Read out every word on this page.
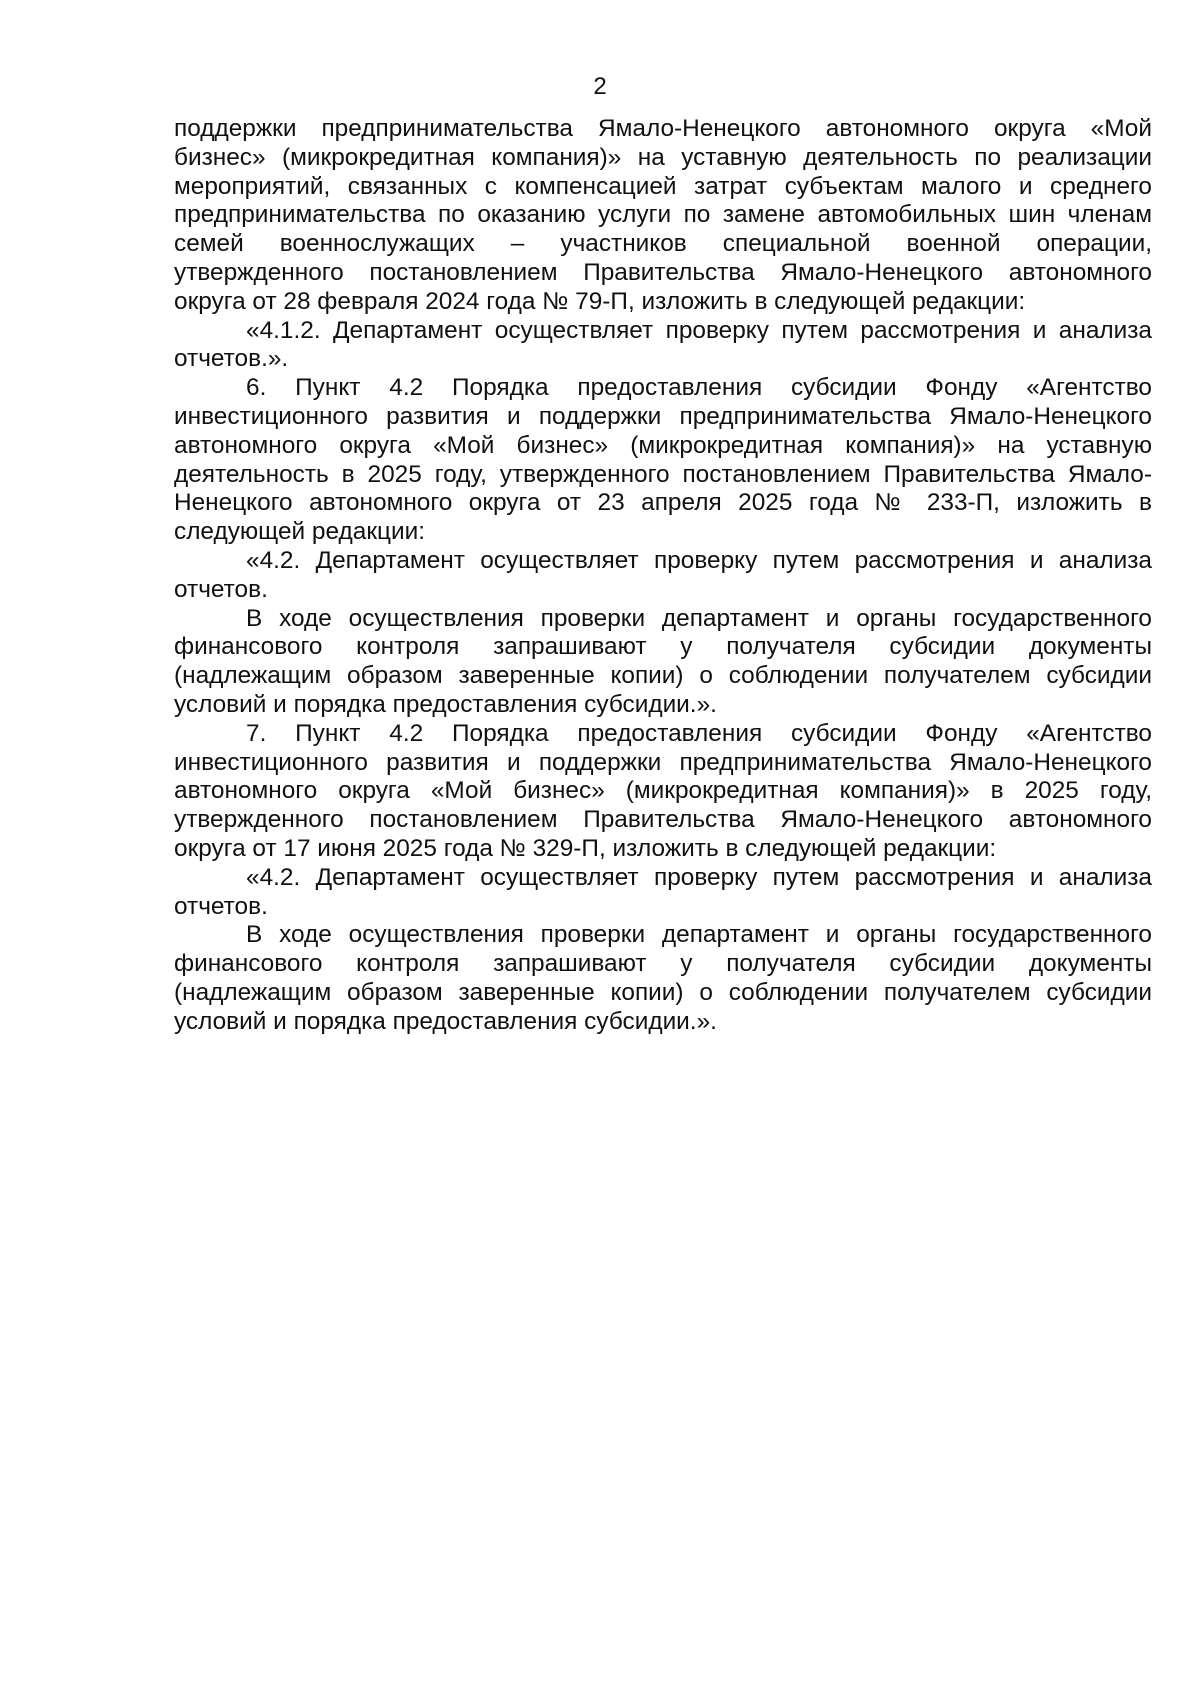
2

поддержки предпринимательства Ямало-Ненецкого автономного округа «Мой бизнес» (микрокредитная компания)» на уставную деятельность по реализации мероприятий, связанных с компенсацией затрат субъектам малого и среднего предпринимательства по оказанию услуги по замене автомобильных шин членам семей военнослужащих – участников специальной военной операции, утвержденного постановлением Правительства Ямало-Ненецкого автономного округа от 28 февраля 2024 года № 79-П, изложить в следующей редакции:

«4.1.2. Департамент осуществляет проверку путем рассмотрения и анализа отчетов.».

6. Пункт 4.2 Порядка предоставления субсидии Фонду «Агентство инвестиционного развития и поддержки предпринимательства Ямало-Ненецкого автономного округа «Мой бизнес» (микрокредитная компания)» на уставную деятельность в 2025 году, утвержденного постановлением Правительства Ямало-Ненецкого автономного округа от 23 апреля 2025 года № 233-П, изложить в следующей редакции:

«4.2. Департамент осуществляет проверку путем рассмотрения и анализа отчетов.

В ходе осуществления проверки департамент и органы государственного финансового контроля запрашивают у получателя субсидии документы (надлежащим образом заверенные копии) о соблюдении получателем субсидии условий и порядка предоставления субсидии.».

7. Пункт 4.2 Порядка предоставления субсидии Фонду «Агентство инвестиционного развития и поддержки предпринимательства Ямало-Ненецкого автономного округа «Мой бизнес» (микрокредитная компания)» в 2025 году, утвержденного постановлением Правительства Ямало-Ненецкого автономного округа от 17 июня 2025 года № 329-П, изложить в следующей редакции:

«4.2. Департамент осуществляет проверку путем рассмотрения и анализа отчетов.

В ходе осуществления проверки департамент и органы государственного финансового контроля запрашивают у получателя субсидии документы (надлежащим образом заверенные копии) о соблюдении получателем субсидии условий и порядка предоставления субсидии.».
